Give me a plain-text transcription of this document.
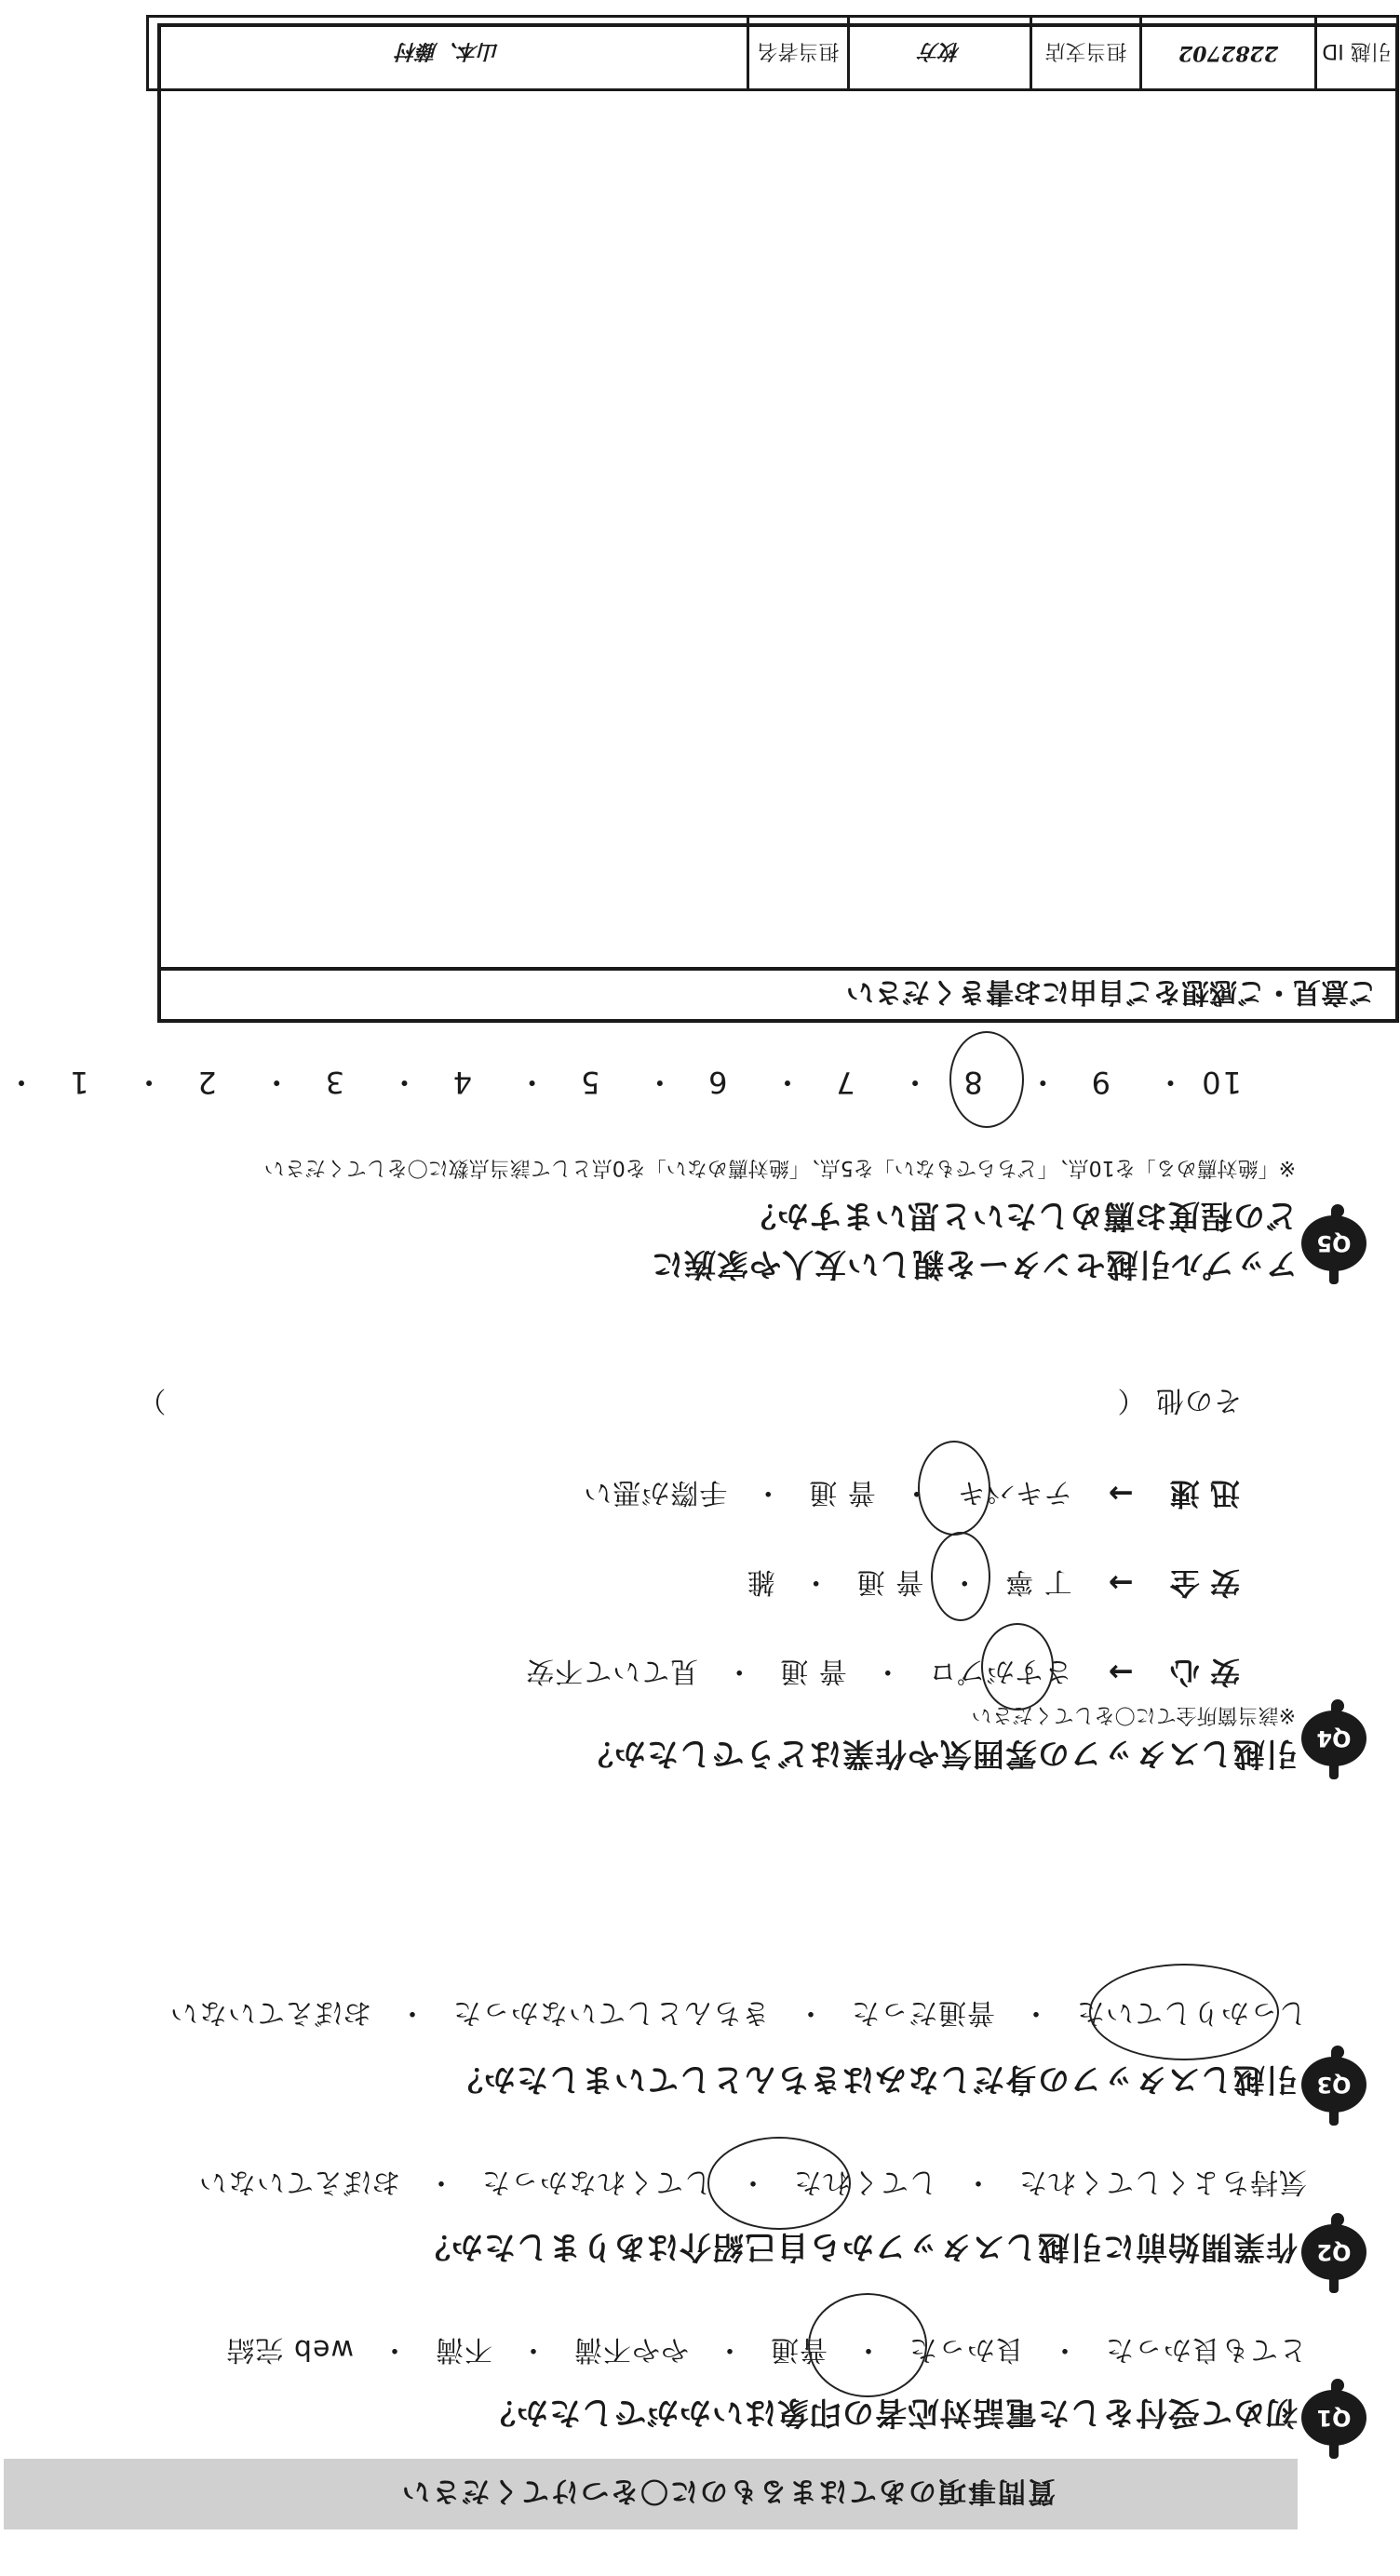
質問事項のあてはまるものに〇をつけてください
Q1
初めて受付をした電話対応者の印象はいかがでしたか？
とても良かった・良かった・普通・やや不満・不満・web 完結
Q2
作業開始前に引越しスタッフから自己紹介はありましたか？
気持ちよくしてくれた・してくれた・してくれなかった・おぼえていない
Q3
引越しスタッフの身だしなみはきちんとしていましたか？
しっかりしていた・普通だった・きちんとしていなかった・おぼえていない
Q4
引越しスタッフの雰囲気や作業はどうでしたか？
※該当箇所全てに〇をしてください
安 心 → さすがプロ・普 通・見ていて不安
安 全 → 丁 寧・普 通・雑
迅 速 → テキパキ・普 通・手際が悪い
その他 （  ）
Q5
アップル引越センターを親しい友人や家族に
どの程度お薦めしたいと思いますか？
※「絶対薦める」を10点、「どちらでもない」を5点、「絶対薦めない」を0点として該当点数に〇をしてください
10・ 9・ 8・ 7・ 6・ 5・ 4・ 3・ 2・ 1・
ご意見・ご感想をご自由にお書きください
引越 ID
2282702
担当支店
枚方
担当者名
山本、藤村
